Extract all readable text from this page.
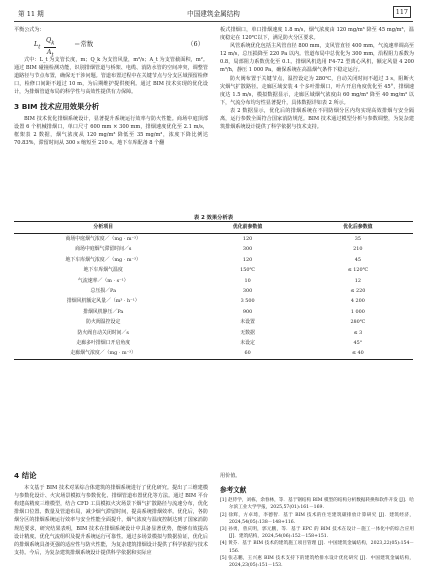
第 11 期	中国建筑金属结构	117

平衡公式为：

$L_t \frac{Q_k}{A_t}$	＝常数	（6）

式中：L_t 为支管长度，m；Q_k 为支管风量，m³/s；A_t 为支管截面积，m²。通过 BIM 碰撞检测功能，识别排烟管道与桥架、电缆、消防水管的空间冲突，调整管道路径与节点布置，确保无干涉问题。管道布置过程中在关键节点与分支区域预留检修口，检修口间距不超过 10 m，为后期维护提供便利。通过 BIM 技术实现的优化设计，为排烟管道布局的科学性与高效性提供有力保障。

3 BIM 技术应用效果分析

BIM 技术优化排烟系统设计，显著提升系统运行效率与防火性能。商场中庭顶部设置 6 个机械排烟口，单口尺寸 600 mm × 300 mm，排烟速度优化至 2.1 m/s，框架表 2 数据，烟气浓度从 120 mg/m³ 降低至 35 mg/m³，浓度下降比例达 70.83%，滞留时间从 300 s 缩短至 210 s。地下车库配备 8 个翻

板式排烟口，单口排烟速度 1.8 m/s，烟气浓度由 120 mg/m³ 降至 45 mg/m³，温度稳定在 120℃以下，满足防火分区要求。

风管系统优化包括主风管直径 800 mm，支风管直径 400 mm，气流速率调高至 12 m/s，总压损降至 220 Pa 以内。管道布局中总优化为 300 mm，沿程阻力系数为 0.8，局部阻力系数优化至 0.1。排烟风机选用 F4-72 型离心风机，额定风量 4 200 m³/h，静压 1 000 Pa，确保系统在高温烟气条件下稳定运行。

防火阀布置于关键节点，温控设定为 280℃，自动关闭时间不超过 3 s，阻断火灾烟气扩散路径。走廊区域安装 4 个多叶排烟口，叶片开启角度优化至 45°，排烟速度达 1.5 m/s，模拟数据显示，走廊区域烟气浓度由 60 mg/m³ 降至 40 mg/m³ 以下，气流分布均匀性显著提升，具体数据详如表 2 所示。

表 2 数据显示，优化后的排烟系统在不同防烟分区内均实现高效排烟与安全隔离，运行参数全面符合国家消防规范。BIM 技术通过模型分析与参数调整，为复杂建筑排烟系统设计提供了科学依据与技术支持。

表 2 效果分析表
分析项目	优化前参数值	优化后参数值
商场中庭烟气浓度／（mg · m⁻³）	120	35
商场中庭烟气滞留时间／s	300	210
地下车库烟气浓度／（mg · m⁻³）	120	45
地下车库烟气温度	150℃	≤ 120℃
气流速率／（m · s⁻¹）	10	12
总压损／Pa	300	≤ 220
排烟风机额定风量／（m³ · h⁻¹）	3 500	4 200
排烟风机静压／Pa	900	1 000
防火阀温控设定	未设置	280℃
防火阀自动关闭时间／s	无数据	≤ 3
走廊多叶排烟口开启角度	未设定	45°
走廊烟气浓度／（mg · m⁻³）	60	≤ 40

4 结论

本文基于 BIM 技术对某综合体建筑的排烟系统进行了优化研究。提出了三维建模与参数化设计、火灾场景模拟与参数优化、排烟管道布置优化等方法。通过 BIM 平台构建高精度三维模型，结合 CFD 工具模拟火灾场景下烟气扩散路径与流速分布，优化排烟口位置、数量及管道布局，减少烟气滞留时间，提高系统排烟效率。优化后，各防烟分区的排烟系统运行效率与安全性能全面提升，烟气浓度与温度控制达到了国家消防规范要求，研究结果表明，BIM 技术在排烟系统设计中具备显著优势，能够有效提高设计精度、优化气流组织及提升系统运行可靠性。通过多场景模拟与数据验证，优化后的排烟系统具备更强的适应性与防火性能，为复杂建筑排烟设计提供了科学依据与技术支持。今后，为复杂建筑排烟系统设计提供科学依据和实际应

用价值。

参考文献

[1] 赵侍学，刘栋，余春林，等．基于钢结构 BIM 模型的结构分析数据转换和软件开发 [J]．哈尔滨工业大学学报，2025,57(01):161－169.

[2] 徐辉，方卓琦，李德智．基于 BIM 技术的住宅建筑碳排放计算研究 [J]．建筑经济，2024,54(05):138－148+116.

[3] 孙勇，曾庆明，郭元鹏，等．基于 EPC 的 BIM 技术在设计－施工一体化中的综合应用 [J]．建筑结构，2024,54(06):152－158+151.

[4] 黄芬．基于 BIM 技术的建筑施工项目管理 [J]．中国建筑金属结构，2023,22(05):154－156.

[5] 张志鹏，王兴惠 BIM 技术支持下的建筑给排水设计优化研究 [J]．中国建筑金属结构，2024,23(05):151－153.
